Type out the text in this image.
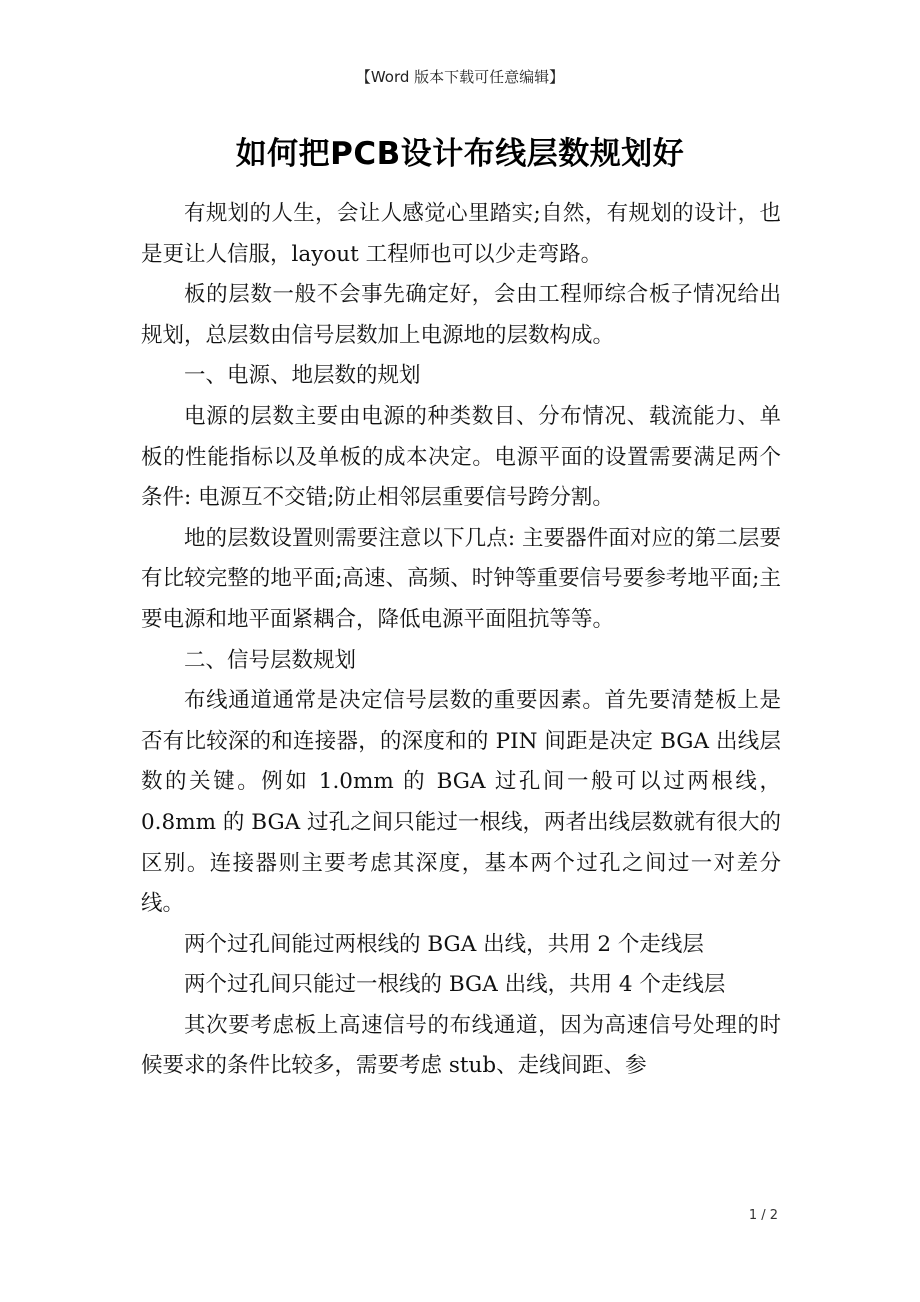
【Word 版本下载可任意编辑】
如何把PCB设计布线层数规划好

有规划的人生，会让人感觉心里踏实;自然，有规划的设计，也是更让人信服，layout 工程师也可以少走弯路。

板的层数一般不会事先确定好，会由工程师综合板子情况给出规划，总层数由信号层数加上电源地的层数构成。

一、电源、地层数的规划

电源的层数主要由电源的种类数目、分布情况、载流能力、单板的性能指标以及单板的成本决定。电源平面的设置需要满足两个条件: 电源互不交错;防止相邻层重要信号跨分割。

地的层数设置则需要注意以下几点: 主要器件面对应的第二层要有比较完整的地平面;高速、高频、时钟等重要信号要参考地平面;主要电源和地平面紧耦合，降低电源平面阻抗等等。

二、信号层数规划

布线通道通常是决定信号层数的重要因素。首先要清楚板上是否有比较深的和连接器，的深度和的 PIN 间距是决定 BGA 出线层数的关键。例如 1.0mm 的 BGA 过孔间一般可以过两根线，0.8mm 的 BGA 过孔之间只能过一根线，两者出线层数就有很大的区别。连接器则主要考虑其深度，基本两个过孔之间过一对差分线。

两个过孔间能过两根线的 BGA 出线，共用 2 个走线层

两个过孔间只能过一根线的 BGA 出线，共用 4 个走线层

其次要考虑板上高速信号的布线通道，因为高速信号处理的时候要求的条件比较多，需要考虑 stub、走线间距、参

1 / 2
